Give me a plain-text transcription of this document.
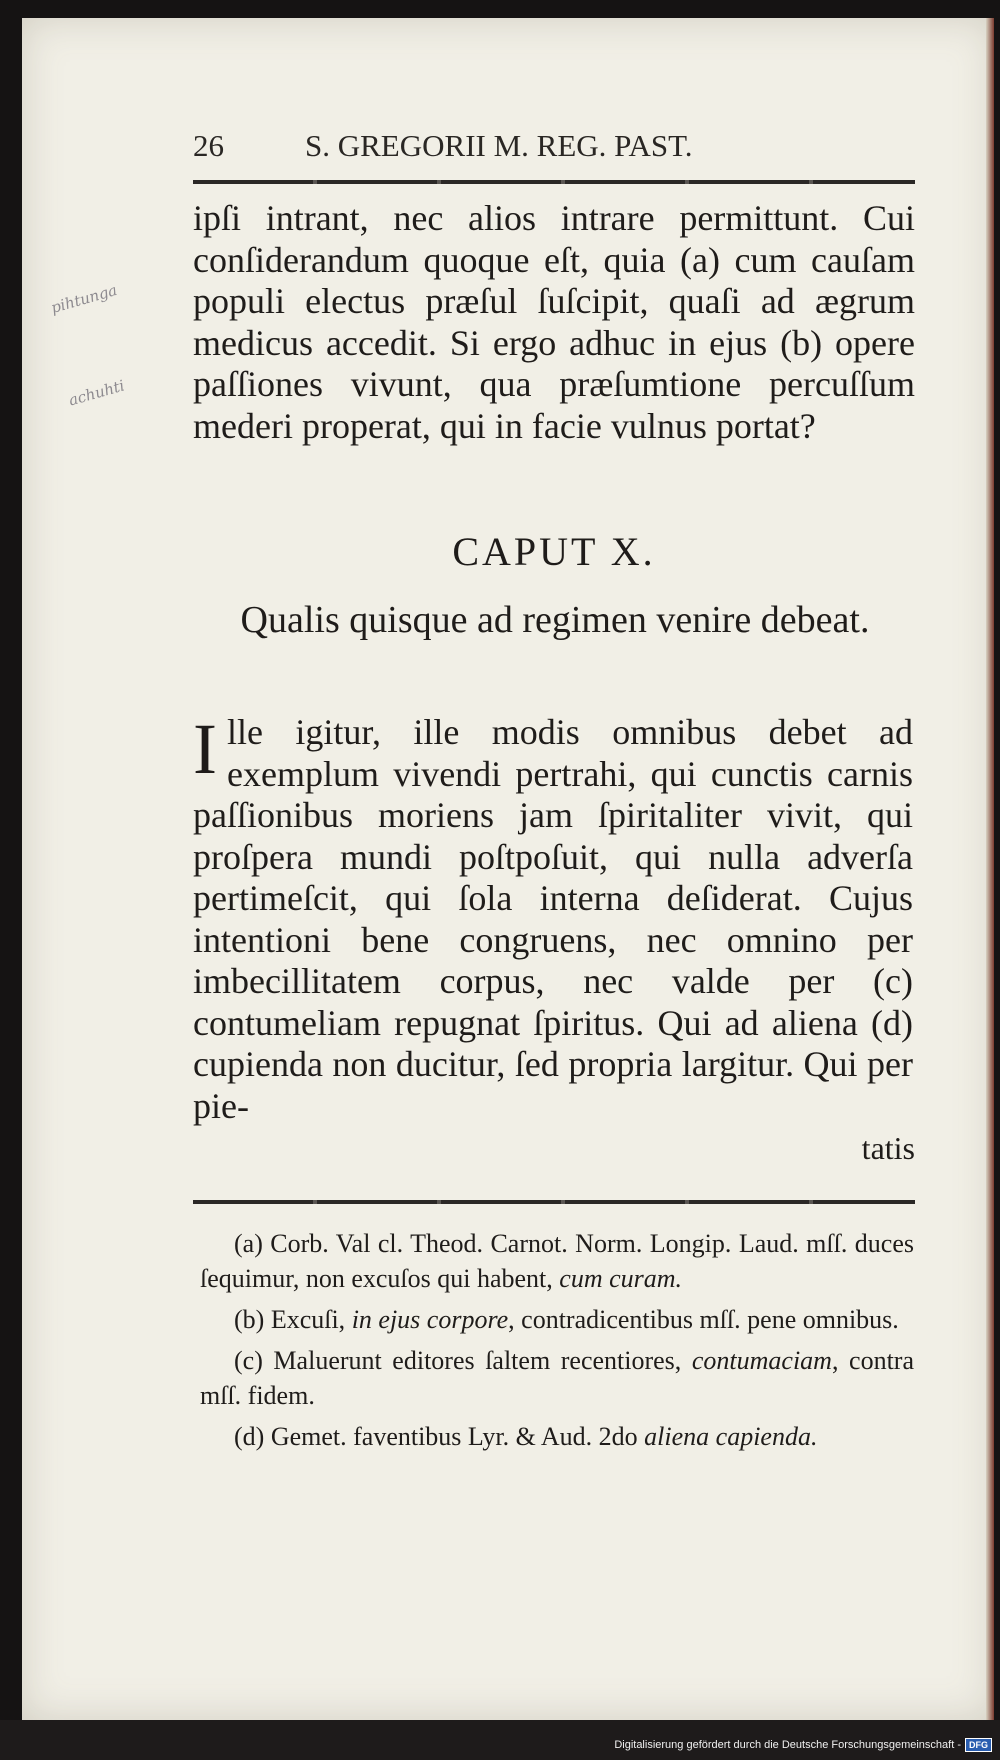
26	S. GREGORII M. REG. PAST.
pihtunga
achuhti
ipſi intrant, nec alios intrare permittunt. Cui conſiderandum quoque eſt, quia (a) cum cauſam populi electus præſul ſuſcipit, quaſi ad ægrum medicus accedit. Si ergo adhuc in ejus (b) opere paſſiones vivunt, qua præſumtione percuſſum mederi properat, qui in facie vulnus portat?
CAPUT X.
Qualis quisque ad regimen venire debeat.
Ille igitur, ille modis omnibus debet ad exemplum vivendi pertrahi, qui cunctis carnis paſſionibus moriens jam ſpiritaliter vivit, qui proſpera mundi poſtpoſuit, qui nulla adverſa pertimeſcit, qui ſola interna deſiderat. Cujus intentioni bene congruens, nec omnino per imbecillitatem corpus, nec valde per (c) contumeliam repugnat ſpiritus. Qui ad aliena (d) cupienda non ducitur, ſed propria largitur. Qui per pie-
tatis

(a) Corb. Val cl. Theod. Carnot. Norm. Longip. Laud. mſſ. duces ſequimur, non excuſos qui habent, cum curam.

(b) Excuſi, in ejus corpore, contradicentibus mſſ. pene omnibus.

(c) Maluerunt editores ſaltem recentiores, contumaciam, contra mſſ. fidem.

(d) Gemet. faventibus Lyr. & Aud. 2do aliena capienda.

Digitalisierung gefördert durch die Deutsche Forschungsgemeinschaft - DFG
